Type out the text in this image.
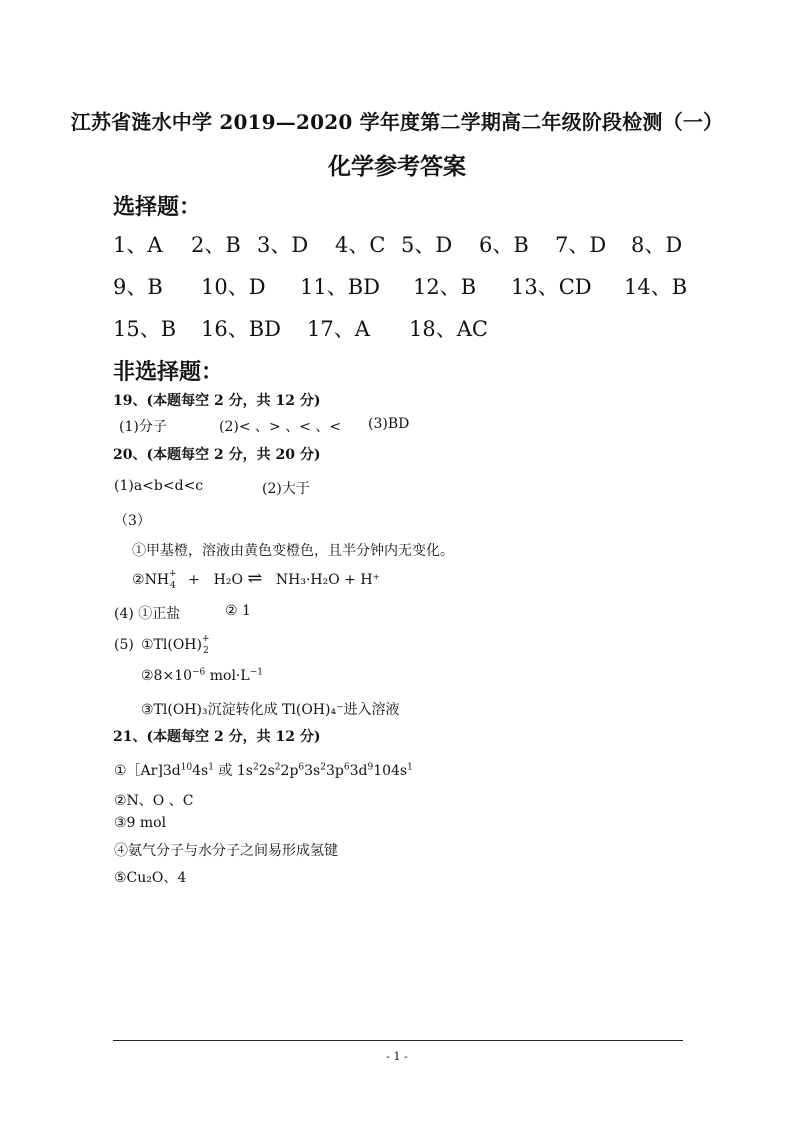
江苏省涟水中学 2019—2020 学年度第二学期高二年级阶段检测（一）
化学参考答案
选择题：
1、A 2、B 3、D 4、C 5、D 6、B 7、D 8、D
9、B 10、D 11、BD 12、B 13、CD 14、B
15、B 16、BD 17、A 18、AC
非选择题：
19、(本题每空 2 分，共 12 分)
(1)分子	(2)< 、> 、< 、< (3)BD
20、(本题每空 2 分，共 20 分)
(1)a<b<d<c	(2)大于
（3）
①甲基橙，溶液由黄色变橙色，且半分钟内无变化。
②NH +
4 +　H₂O ⇌ NH₃·H₂O + H⁺
(4) ①正盐	② 1
(5) ①Tl(OH) +
2
$②8\times 10^{-6}$ $mol\cdot L^{-1}$
③Tl(OH)₃沉淀转化成 Tl(OH)₄⁻进入溶液
21、(本题每空 2 分，共 12 分)
$①[Ar]3d^{10}4s^1$ 或 $1s^22s^22p^63s^23p^63d^9104s^1$
②N、O 、C
③9 mol
④氨气分子与水分子之间易形成氢键
⑤Cu₂O、4
- 1 -
